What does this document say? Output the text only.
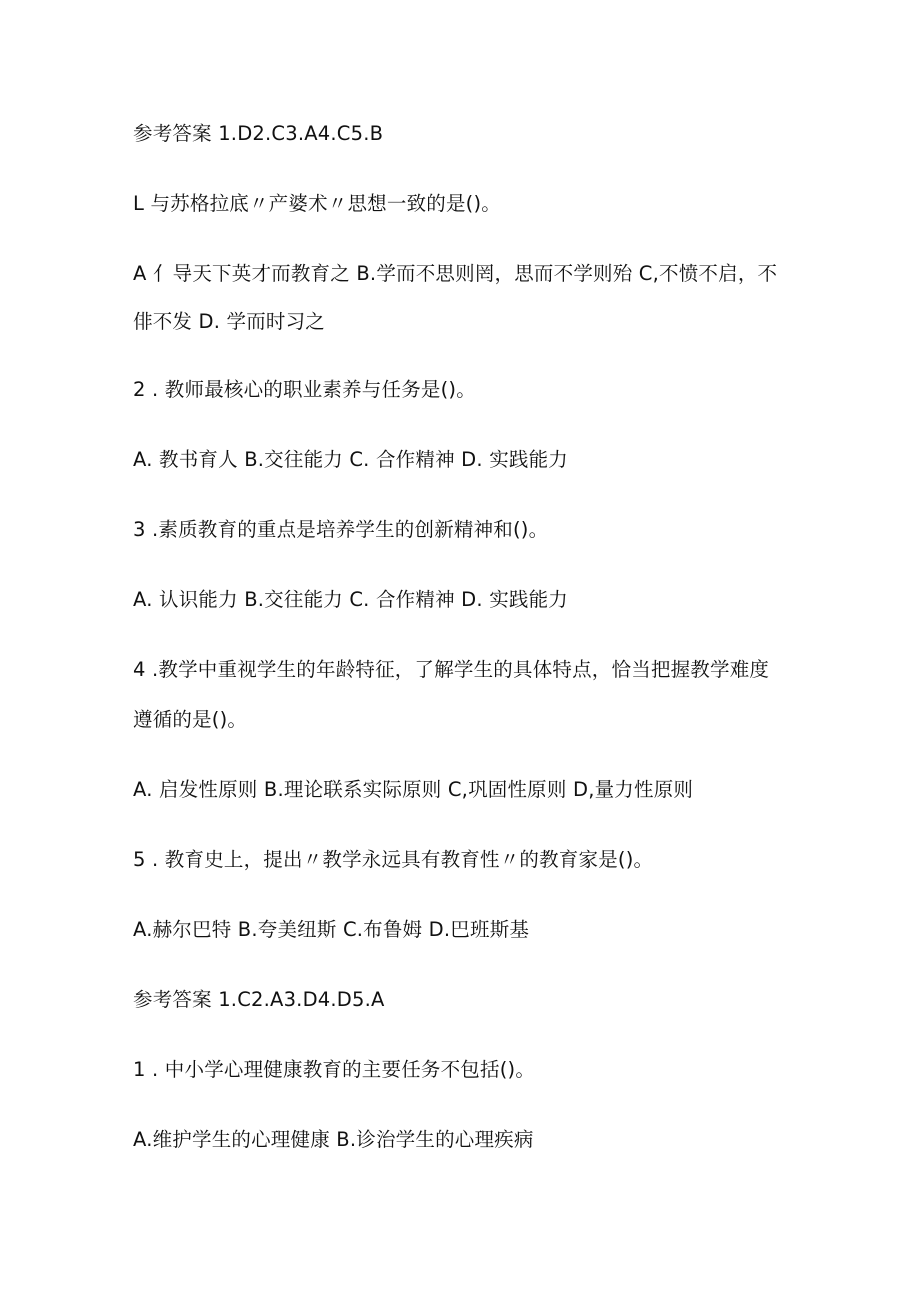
参考答案 1.D2.C3.A4.C5.B
L 与苏格拉底〃产婆术〃思想一致的是()。
A 亻导天下英才而教育之 B.学而不思则罔，思而不学则殆 C,不愤不启，不
俳不发 D. 学而时习之
2 . 教师最核心的职业素养与任务是()。
A. 教书育人 B.交往能力 C. 合作精神 D. 实践能力
3 .素质教育的重点是培养学生的创新精神和()。
A. 认识能力 B.交往能力 C. 合作精神 D. 实践能力
4 .教学中重视学生的年龄特征，了解学生的具体特点，恰当把握教学难度
遵循的是()。
A. 启发性原则 B.理论联系实际原则 C,巩固性原则 D,量力性原则
5 . 教育史上，提出〃教学永远具有教育性〃的教育家是()。
A.赫尔巴特 B.夸美纽斯 C.布鲁姆 D.巴班斯基
参考答案 1.C2.A3.D4.D5.A
1 . 中小学心理健康教育的主要任务不包括()。
A.维护学生的心理健康 B.诊治学生的心理疾病
